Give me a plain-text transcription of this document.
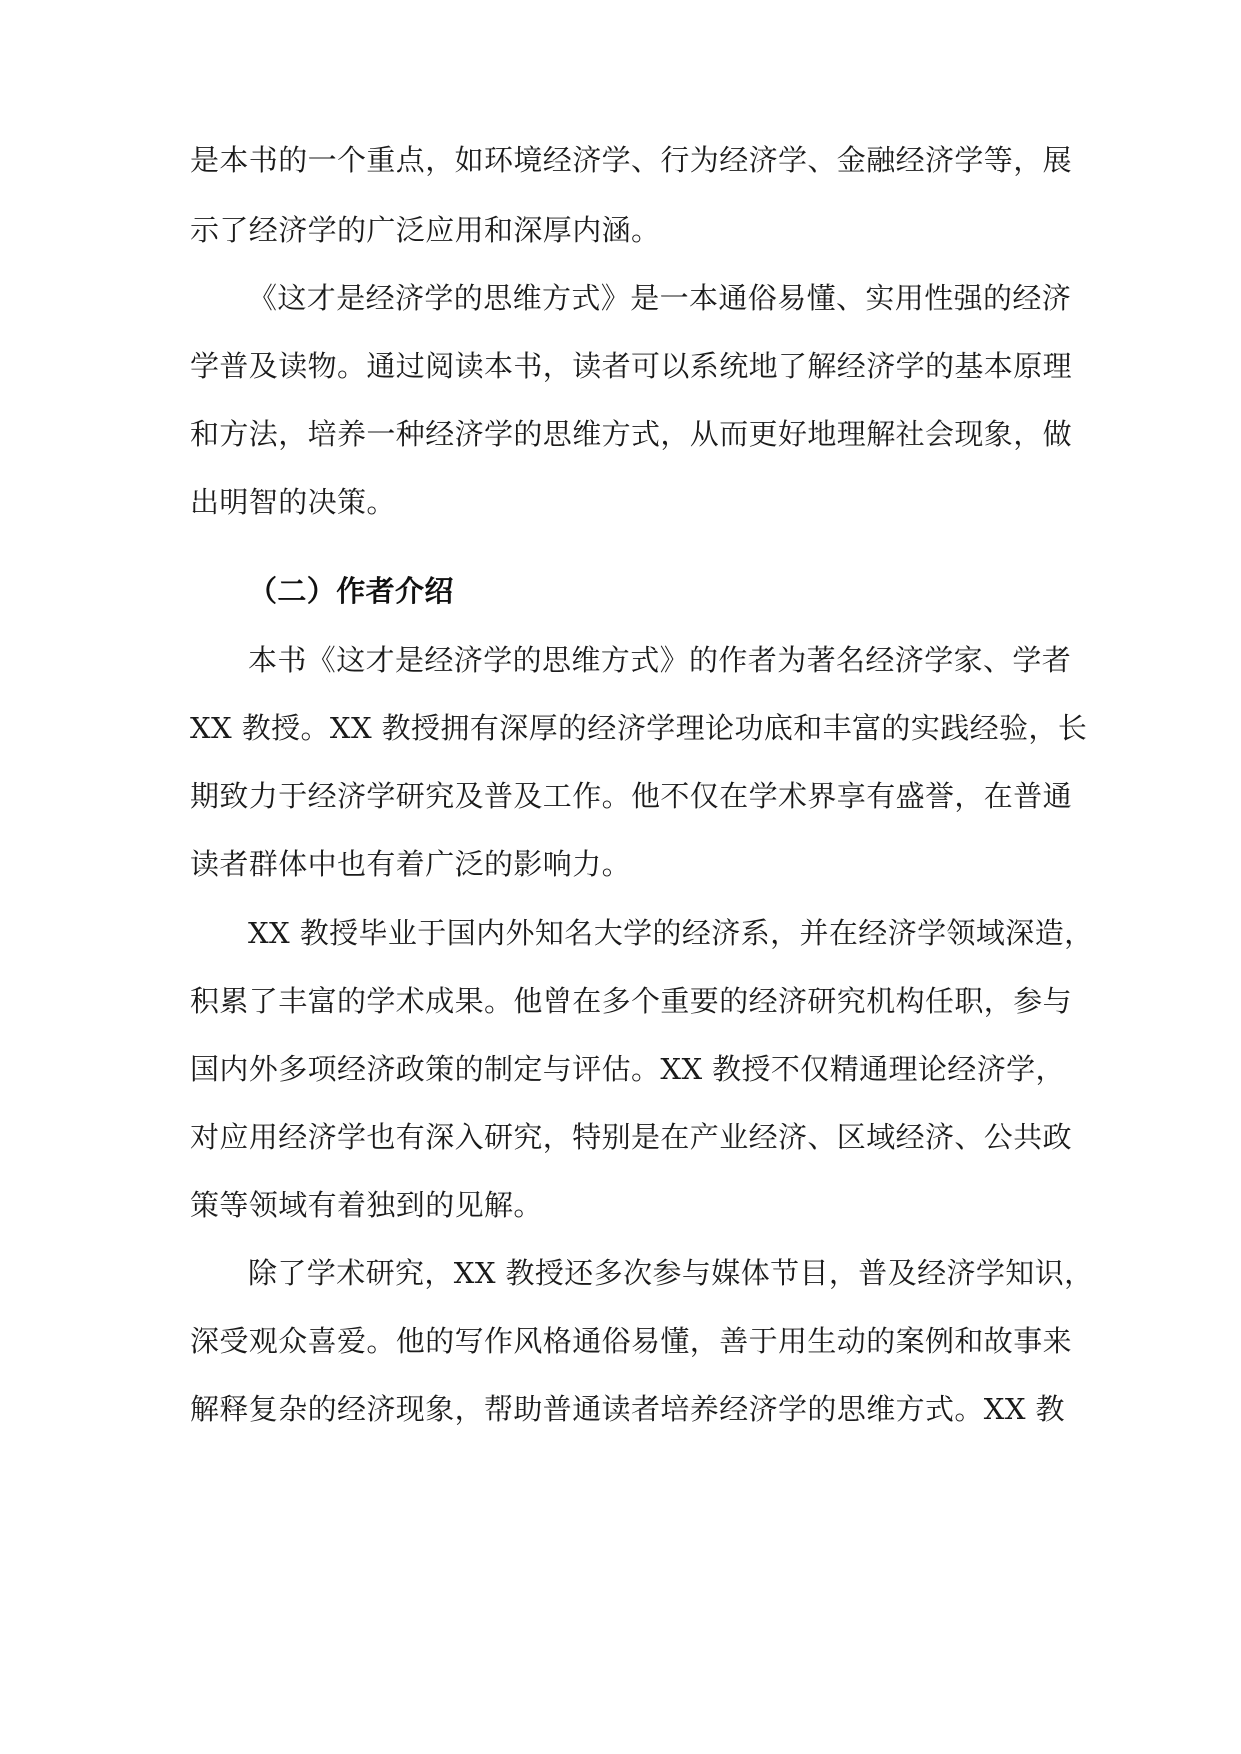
是本书的一个重点，如环境经济学、行为经济学、金融经济学等，展
示了经济学的广泛应用和深厚内涵。
《这才是经济学的思维方式》是一本通俗易懂、实用性强的经济
学普及读物。通过阅读本书，读者可以系统地了解经济学的基本原理
和方法，培养一种经济学的思维方式，从而更好地理解社会现象，做
出明智的决策。
（二）作者介绍
本书《这才是经济学的思维方式》的作者为著名经济学家、学者
XX 教授。XX 教授拥有深厚的经济学理论功底和丰富的实践经验，长
期致力于经济学研究及普及工作。他不仅在学术界享有盛誉，在普通
读者群体中也有着广泛的影响力。
XX 教授毕业于国内外知名大学的经济系，并在经济学领域深造，
积累了丰富的学术成果。他曾在多个重要的经济研究机构任职，参与
国内外多项经济政策的制定与评估。XX 教授不仅精通理论经济学，
对应用经济学也有深入研究，特别是在产业经济、区域经济、公共政
策等领域有着独到的见解。
除了学术研究，XX 教授还多次参与媒体节目，普及经济学知识，
深受观众喜爱。他的写作风格通俗易懂，善于用生动的案例和故事来
解释复杂的经济现象，帮助普通读者培养经济学的思维方式。XX 教
